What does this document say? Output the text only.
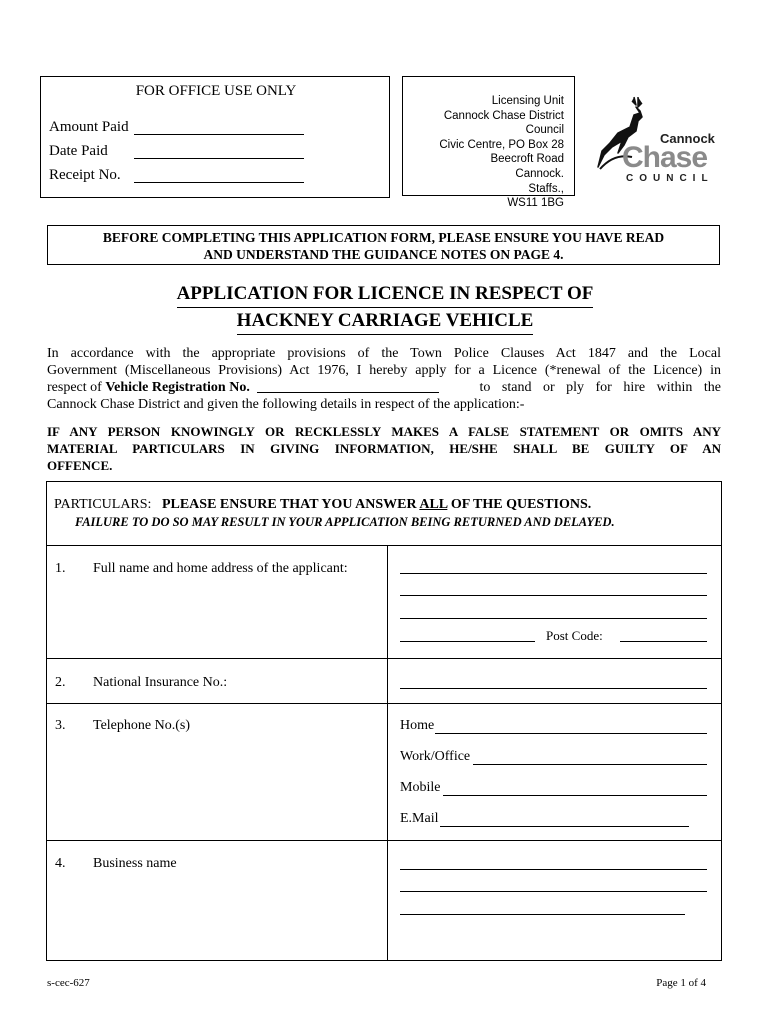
FOR OFFICE USE ONLY
Amount Paid
Date Paid
Receipt No.
Licensing Unit
Cannock Chase District Council
Civic Centre, PO Box 28
Beecroft Road
Cannock.
Staffs.,
WS11 1BG
Cannock
Chase
COUNCIL
BEFORE COMPLETING THIS APPLICATION FORM, PLEASE ENSURE YOU HAVE READ
AND UNDERSTAND THE GUIDANCE NOTES ON PAGE 4.
APPLICATION FOR LICENCE IN RESPECT OF
HACKNEY CARRIAGE VEHICLE
In accordance with the appropriate provisions of the Town Police Clauses Act 1847 and the Local
Government (Miscellaneous Provisions) Act 1976, I hereby apply for a Licence (*renewal of the Licence) in
respect of Vehicle Registration No.	to stand or ply for hire within the
Cannock Chase District and given the following details in respect of the application:-
IF ANY PERSON KNOWINGLY OR RECKLESSLY MAKES A FALSE STATEMENT OR OMITS ANY
MATERIAL PARTICULARS IN GIVING INFORMATION, HE/SHE SHALL BE GUILTY OF AN
OFFENCE.
PARTICULARS: PLEASE ENSURE THAT YOU ANSWER ALL OF THE QUESTIONS.
FAILURE TO DO SO MAY RESULT IN YOUR APPLICATION BEING RETURNED AND DELAYED.
1. Full name and home address of the applicant:
Post Code:
2. National Insurance No.:
3. Telephone No.(s)	Home
Work/Office
Mobile
E.Mail
4. Business name
s-cec-627	Page 1 of 4
